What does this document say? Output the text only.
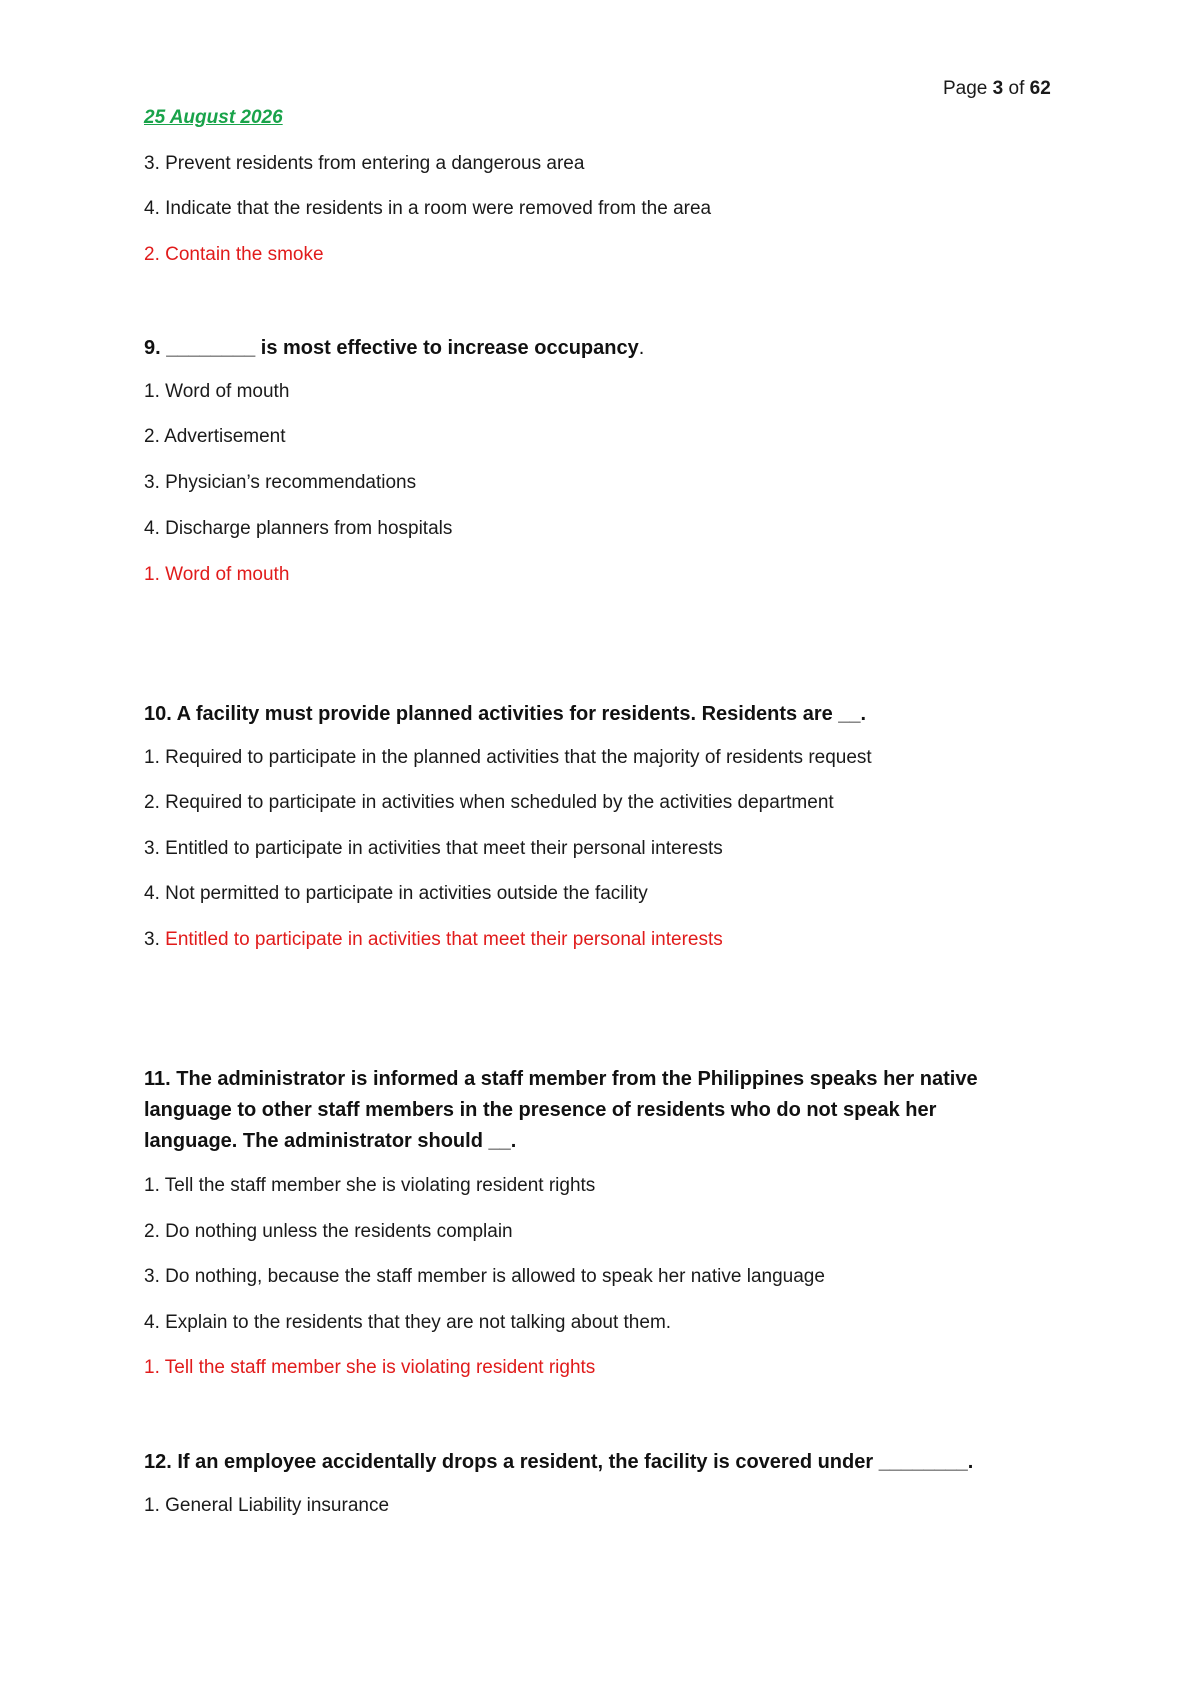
Page 3 of 62
25 August 2026
3. Prevent residents from entering a dangerous area
4. Indicate that the residents in a room were removed from the area
2. Contain the smoke
9. ________ is most effective to increase occupancy.
1. Word of mouth
2. Advertisement
3. Physician’s recommendations
4. Discharge planners from hospitals
1. Word of mouth
10. A facility must provide planned activities for residents. Residents are __.
1. Required to participate in the planned activities that the majority of residents request
2. Required to participate in activities when scheduled by the activities department
3. Entitled to participate in activities that meet their personal interests
4. Not permitted to participate in activities outside the facility
3. Entitled to participate in activities that meet their personal interests
11. The administrator is informed a staff member from the Philippines speaks her native
language to other staff members in the presence of residents who do not speak her
language. The administrator should __.
1. Tell the staff member she is violating resident rights
2. Do nothing unless the residents complain
3. Do nothing, because the staff member is allowed to speak her native language
4. Explain to the residents that they are not talking about them.
1. Tell the staff member she is violating resident rights
12. If an employee accidentally drops a resident, the facility is covered under ________.
1. General Liability insurance
